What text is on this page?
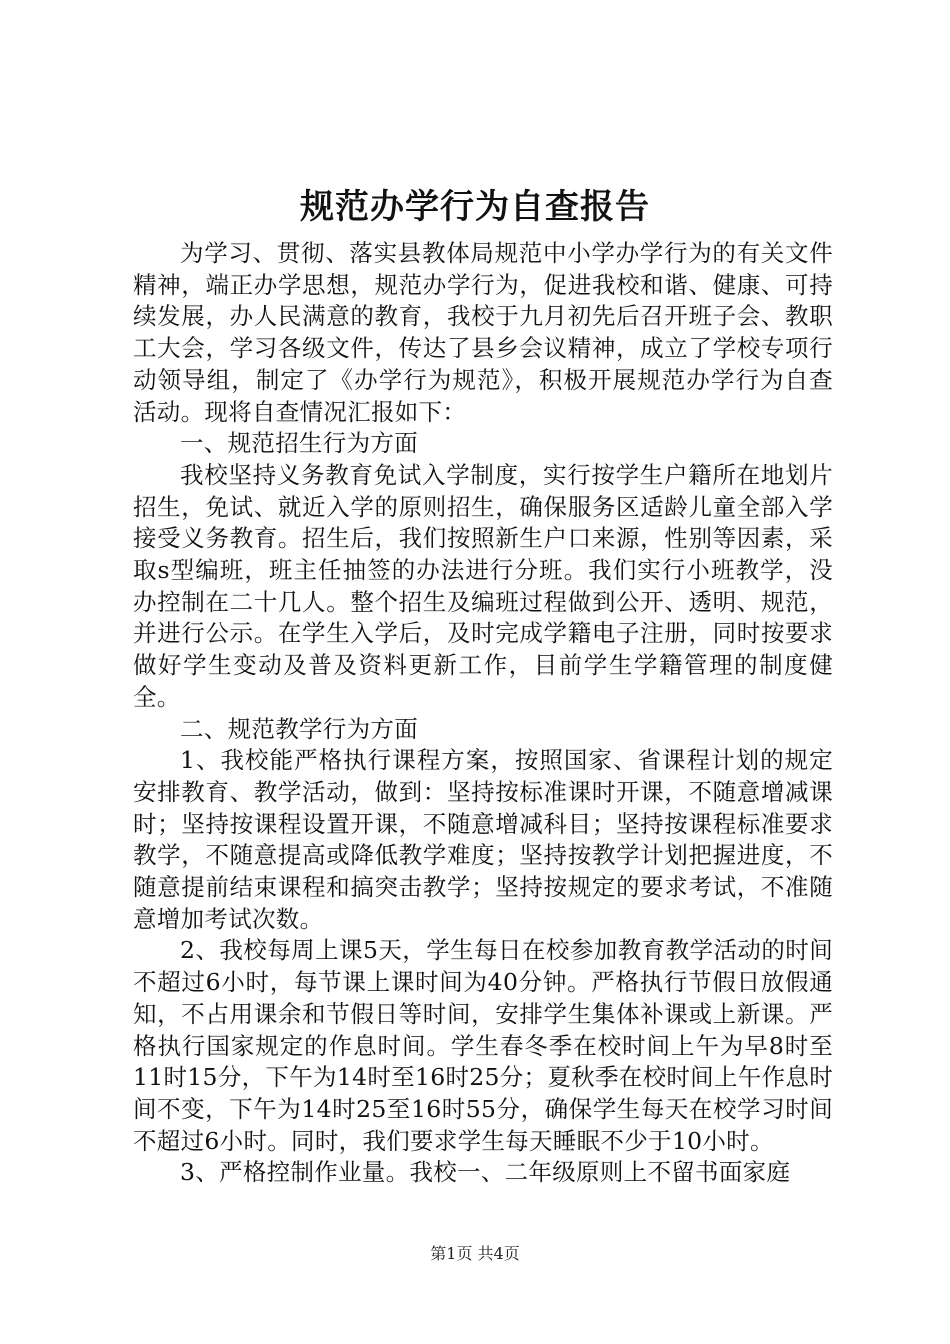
规范办学行为自查报告

为学习、贯彻、落实县教体局规范中小学办学行为的有关文件精神，端正办学思想，规范办学行为，促进我校和谐、健康、可持续发展，办人民满意的教育，我校于九月初先后召开班子会、教职工大会，学习各级文件，传达了县乡会议精神，成立了学校专项行动领导组，制定了《办学行为规范》，积极开展规范办学行为自查活动。现将自查情况汇报如下：

一、规范招生行为方面

我校坚持义务教育免试入学制度，实行按学生户籍所在地划片招生，免试、就近入学的原则招生，确保服务区适龄儿童全部入学接受义务教育。招生后，我们按照新生户口来源，性别等因素，采取s型编班，班主任抽签的办法进行分班。我们实行小班教学，没办控制在二十几人。整个招生及编班过程做到公开、透明、规范，并进行公示。在学生入学后，及时完成学籍电子注册，同时按要求做好学生变动及普及资料更新工作，目前学生学籍管理的制度健全。

二、规范教学行为方面

1、我校能严格执行课程方案，按照国家、省课程计划的规定安排教育、教学活动，做到：坚持按标准课时开课，不随意增减课时；坚持按课程设置开课，不随意增减科目；坚持按课程标准要求教学，不随意提高或降低教学难度；坚持按教学计划把握进度，不随意提前结束课程和搞突击教学；坚持按规定的要求考试，不准随意增加考试次数。

2、我校每周上课5天，学生每日在校参加教育教学活动的时间不超过6小时，每节课上课时间为40分钟。严格执行节假日放假通知，不占用课余和节假日等时间，安排学生集体补课或上新课。严格执行国家规定的作息时间。学生春冬季在校时间上午为早8时至11时15分，下午为14时至16时25分；夏秋季在校时间上午作息时间不变，下午为14时25至16时55分，确保学生每天在校学习时间不超过6小时。同时，我们要求学生每天睡眠不少于10小时。

3、严格控制作业量。我校一、二年级原则上不留书面家庭

第1页 共4页
